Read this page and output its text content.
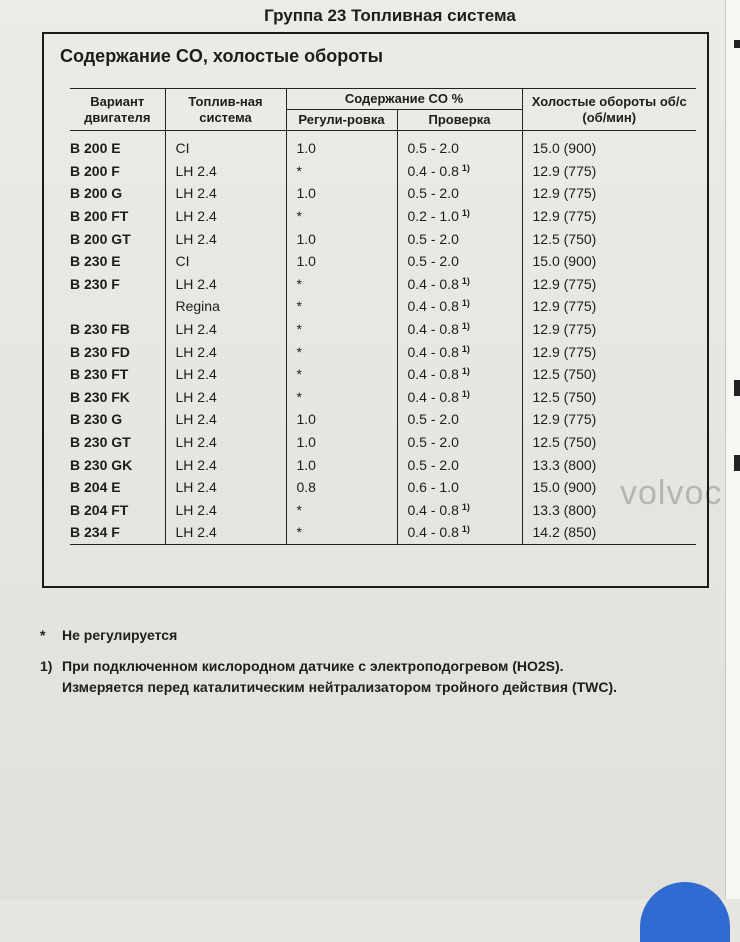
volvoc
Группа 23 Топливная система
Содержание CO, холостые обороты
Вариант двигателя	Топлив-ная система	Содержание CO %		Холостые обороты об/с (об/мин)
		Регули-ровка	Проверка	
B 200 E	CI	1.0	0.5 - 2.0	15.0 (900)
B 200 F	LH 2.4	*	0.4 - 0.8 $^{1)}$	12.9 (775)
B 200 G	LH 2.4	1.0	0.5 - 2.0	12.9 (775)
B 200 FT	LH 2.4	*	0.2 - 1.0 $^{1)}$	12.9 (775)
B 200 GT	LH 2.4	1.0	0.5 - 2.0	12.5 (750)
B 230 E	CI	1.0	0.5 - 2.0	15.0 (900)
B 230 F	LH 2.4	*	0.4 - 0.8 $^{1)}$	12.9 (775)
	Regina	*	0.4 - 0.8 $^{1)}$	12.9 (775)
B 230 FB	LH 2.4	*	0.4 - 0.8 $^{1)}$	12.9 (775)
B 230 FD	LH 2.4	*	0.4 - 0.8 $^{1)}$	12.9 (775)
B 230 FT	LH 2.4	*	0.4 - 0.8 $^{1)}$	12.5 (750)
B 230 FK	LH 2.4	*	0.4 - 0.8 $^{1)}$	12.5 (750)
B 230 G	LH 2.4	1.0	0.5 - 2.0	12.9 (775)
B 230 GT	LH 2.4	1.0	0.5 - 2.0	12.5 (750)
B 230 GK	LH 2.4	1.0	0.5 - 2.0	13.3 (800)
B 204 E	LH 2.4	0.8	0.6 - 1.0	15.0 (900)
B 204 FT	LH 2.4	*	0.4 - 0.8 $^{1)}$	13.3 (800)
B 234 F	LH 2.4	*	0.4 - 0.8 $^{1)}$	14.2 (850)
* Не регулируется
1) При подключенном кислородном датчике с электроподогревом (HO2S).
Измеряется перед каталитическим нейтрализатором тройного действия (TWC).
